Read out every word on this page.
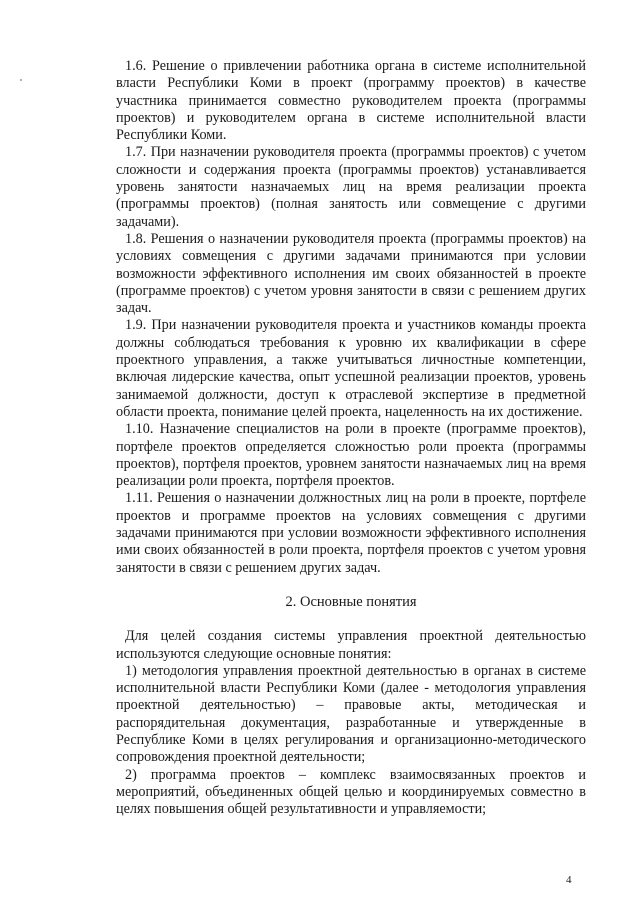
1.6. Решение о привлечении работника органа в системе исполнительной власти Республики Коми в проект (программу проектов) в качестве участника принимается совместно руководителем проекта (программы проектов) и руководителем органа в системе исполнительной власти Республики Коми.

1.7. При назначении руководителя проекта (программы проектов) с учетом сложности и содержания проекта (программы проектов) устанавливается уровень занятости назначаемых лиц на время реализации проекта (программы проектов) (полная занятость или совмещение с другими задачами).

1.8. Решения о назначении руководителя проекта (программы проектов) на условиях совмещения с другими задачами принимаются при условии возможности эффективного исполнения им своих обязанностей в проекте (программе проектов) с учетом уровня занятости в связи с решением других задач.

1.9. При назначении руководителя проекта и участников команды проекта должны соблюдаться требования к уровню их квалификации в сфере проектного управления, а также учитываться личностные компетенции, включая лидерские качества, опыт успешной реализации проектов, уровень занимаемой должности, доступ к отраслевой экспертизе в предметной области проекта, понимание целей проекта, нацеленность на их достижение.

1.10. Назначение специалистов на роли в проекте (программе проектов), портфеле проектов определяется сложностью роли проекта (программы проектов), портфеля проектов, уровнем занятости назначаемых лиц на время реализации роли проекта, портфеля проектов.

1.11. Решения о назначении должностных лиц на роли в проекте, портфеле проектов и программе проектов на условиях совмещения с другими задачами принимаются при условии возможности эффективного исполнения ими своих обязанностей в роли проекта, портфеля проектов с учетом уровня занятости в связи с решением других задач.

2. Основные понятия

Для целей создания системы управления проектной деятельностью используются следующие основные понятия:

1) методология управления проектной деятельностью в органах в системе исполнительной власти Республики Коми (далее - методология управления проектной деятельностью) – правовые акты, методическая и распорядительная документация, разработанные и утвержденные в Республике Коми в целях регулирования и организационно-методического сопровождения проектной деятельности;

2) программа проектов – комплекс взаимосвязанных проектов и мероприятий, объединенных общей целью и координируемых совместно в целях повышения общей результативности и управляемости;

4
